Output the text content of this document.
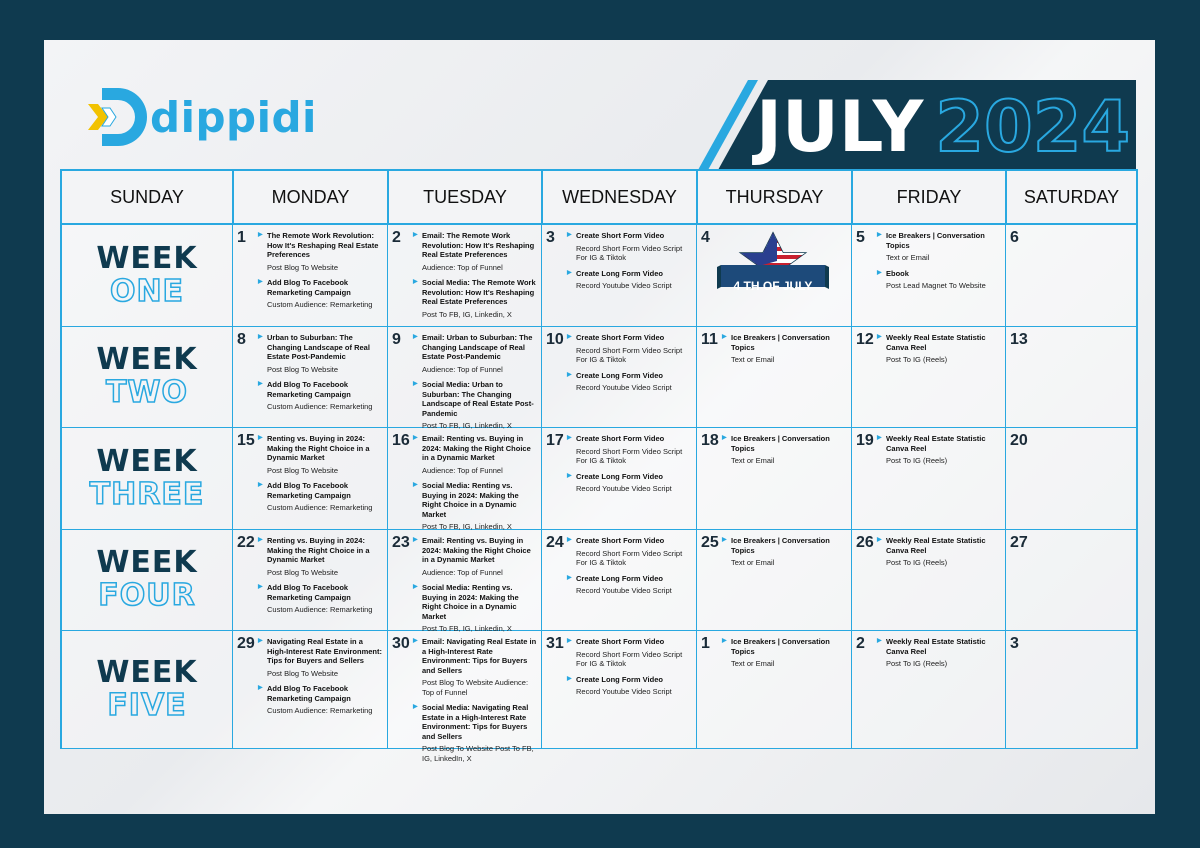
dippidi	JULY 2024
SUNDAY	MONDAY	TUESDAY	WEDNESDAY	THURSDAY	FRIDAY	SATURDAY
WEEK
ONE
1	▶ The Remote Work Revolution: How It's Reshaping Real Estate Preferences
Post Blog To Website
▶ Add Blog To Facebook Remarketing Campaign
Custom Audience: Remarketing
2	▶ Email: The Remote Work Revolution: How It's Reshaping Real Estate Preferences
Audience: Top of Funnel
▶ Social Media: The Remote Work Revolution: How It's Reshaping Real Estate Preferences
Post To FB, IG, Linkedin, X
3	▶ Create Short Form Video
Record Short Form Video Script For IG & Tiktok
▶ Create Long Form Video
Record Youtube Video Script
4
4 TH OF JULY
5	▶ Ice Breakers | Conversation Topics
Text or Email
▶ Ebook
Post Lead Magnet To Website
6
WEEK
TWO
8	▶ Urban to Suburban: The Changing Landscape of Real Estate Post-Pandemic
Post Blog To Website
▶ Add Blog To Facebook Remarketing Campaign
Custom Audience: Remarketing
9	▶ Email: Urban to Suburban: The Changing Landscape of Real Estate Post-Pandemic
Audience: Top of Funnel
▶ Social Media: Urban to Suburban: The Changing Landscape of Real Estate Post-Pandemic
Post To FB, IG, Linkedin, X
10 ▶ Create Short Form Video
Record Short Form Video Script For IG & Tiktok
▶ Create Long Form Video
Record Youtube Video Script
11 ▶ Ice Breakers | Conversation Topics
Text or Email
12 ▶ Weekly Real Estate Statistic Canva Reel
Post To IG (Reels)
13
WEEK
THREE
15 ▶ Renting vs. Buying in 2024: Making the Right Choice in a Dynamic Market
Post Blog To Website
▶ Add Blog To Facebook Remarketing Campaign
Custom Audience: Remarketing
16 ▶ Email: Renting vs. Buying in 2024: Making the Right Choice in a Dynamic Market
Audience: Top of Funnel
▶ Social Media: Renting vs. Buying in 2024: Making the Right Choice in a Dynamic Market
Post To FB, IG, Linkedin, X
17 ▶ Create Short Form Video
Record Short Form Video Script For IG & Tiktok
▶ Create Long Form Video
Record Youtube Video Script
18 ▶ Ice Breakers | Conversation Topics
Text or Email
19 ▶ Weekly Real Estate Statistic Canva Reel
Post To IG (Reels)
20
WEEK
FOUR
22 ▶ Renting vs. Buying in 2024: Making the Right Choice in a Dynamic Market
Post Blog To Website
▶ Add Blog To Facebook Remarketing Campaign
Custom Audience: Remarketing
23 ▶ Email: Renting vs. Buying in 2024: Making the Right Choice in a Dynamic Market
Audience: Top of Funnel
▶ Social Media: Renting vs. Buying in 2024: Making the Right Choice in a Dynamic Market
Post To FB, IG, Linkedin, X
24 ▶ Create Short Form Video
Record Short Form Video Script For IG & Tiktok
▶ Create Long Form Video
Record Youtube Video Script
25 ▶ Ice Breakers | Conversation Topics
Text or Email
26 ▶ Weekly Real Estate Statistic Canva Reel
Post To IG (Reels)
27
WEEK
FIVE
29 ▶ Navigating Real Estate in a High-Interest Rate Environment: Tips for Buyers and Sellers
Post Blog To Website
▶ Add Blog To Facebook Remarketing Campaign
Custom Audience: Remarketing
30 ▶ Email: Navigating Real Estate in a High-Interest Rate Environment: Tips for Buyers and Sellers
Post Blog To Website Audience: Top of Funnel
▶ Social Media: Navigating Real Estate in a High-Interest Rate Environment: Tips for Buyers and Sellers
Post Blog To Website Post To FB, IG, LinkedIn, X
31 ▶ Create Short Form Video
Record Short Form Video Script For IG & Tiktok
▶ Create Long Form Video
Record Youtube Video Script
1	▶ Ice Breakers | Conversation Topics
Text or Email
2	▶ Weekly Real Estate Statistic Canva Reel
Post To IG (Reels)
3
